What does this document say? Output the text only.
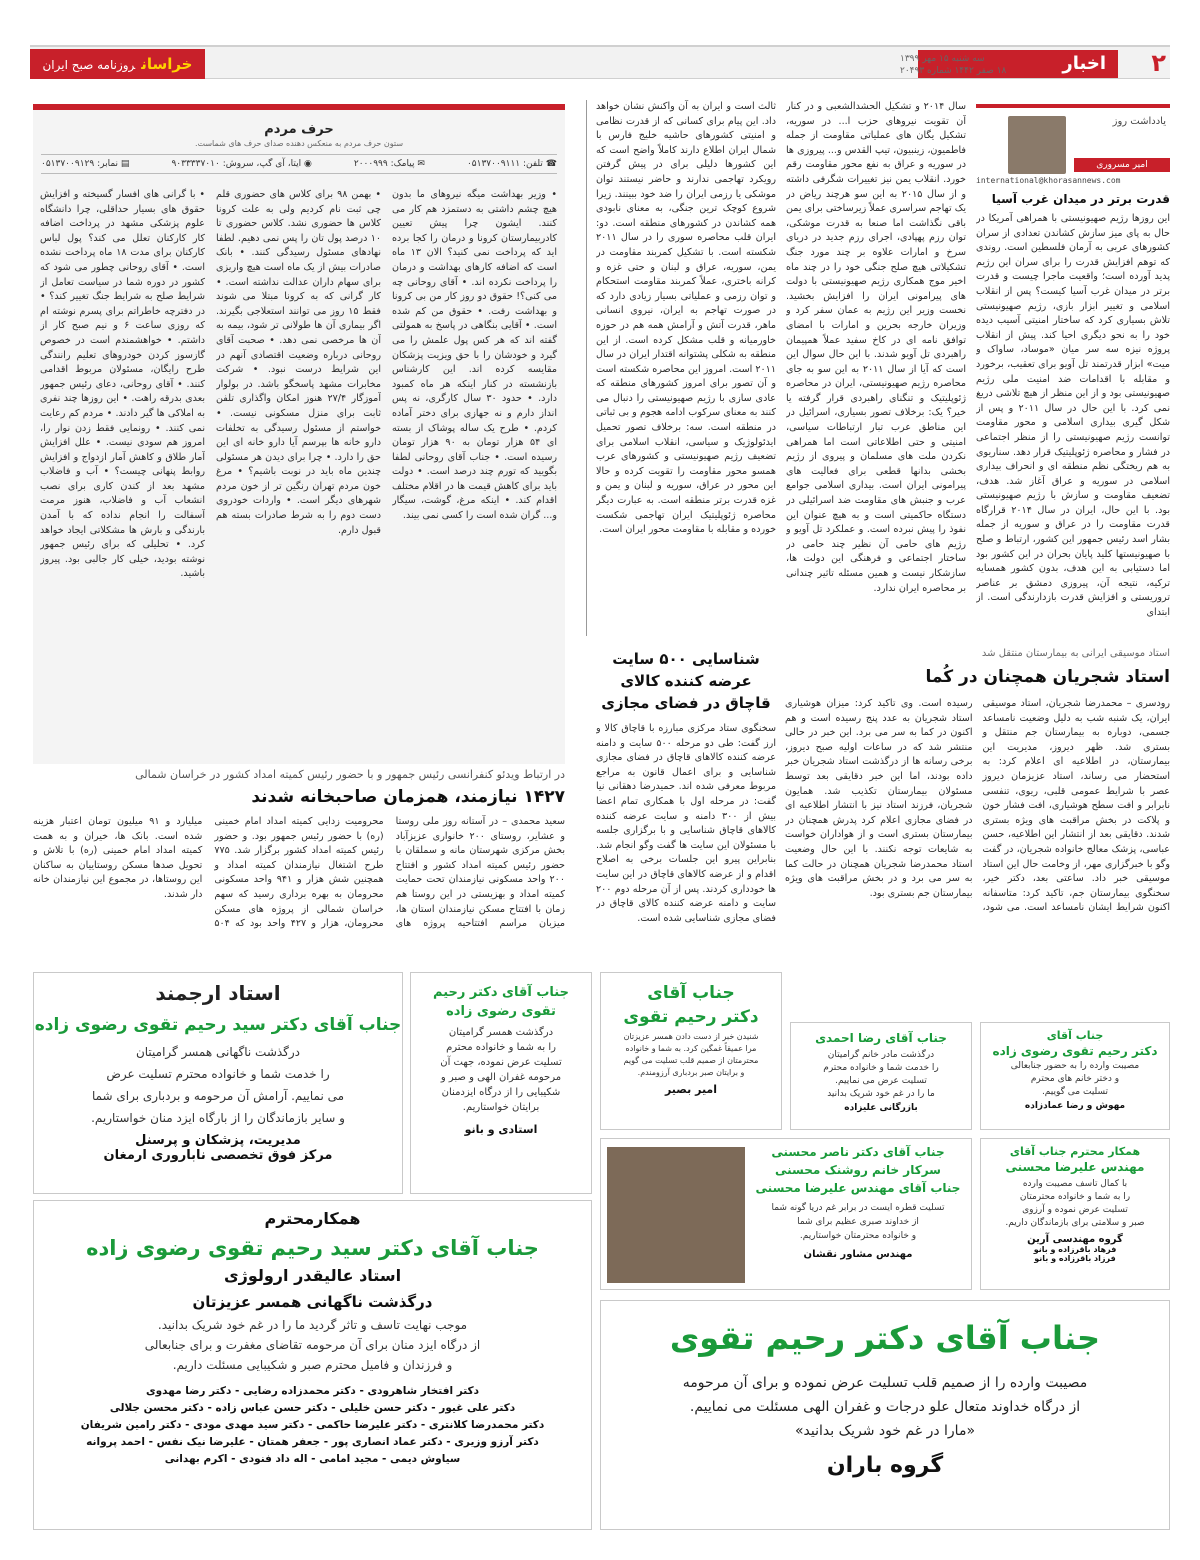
۲
اخبار
سه شنبه ۱۵ مهر ۱۳۹۹
۱۸ صفر ۱۴۴۲ شماره ۲۰۴۹۳
خراسانروزنامه صبح ایران
یادداشت روز
امیر مسروری
international@khorasannews.com
قدرت برتر در میدان غرب آسیا
این روزها رژیم صهیونیستی با همراهی آمریکا در حال به پای میز سازش کشاندن تعدادی از سران کشورهای عربی به آرمان فلسطین است. روندی که توهم افزایش قدرت را برای سران این رژیم پدید آورده است؛ واقعیت ماجرا چیست و قدرت برتر در میدان غرب آسیا کیست؟ پس از انقلاب اسلامی و تغییر ابزار بازی، رژیم صهیونیستی تلاش بسیاری کرد که ساختار امنیتی آسیب دیده خود را به نحو دیگری احیا کند. پیش از انقلاب پروژه نیزه سه سر میان «موساد، ساواک و میت» ابزار قدرتمند تل آویو برای تعقیب، برخورد و مقابله با اقدامات ضد امنیت ملی رژیم صهیونیستی بود و از این منظر از هیچ تلاشی دریغ نمی کرد. با این حال در سال ۲۰۱۱ و پس از شکل گیری بیداری اسلامی و محور مقاومت توانست رژیم صهیونیستی را از منظر اجتماعی در فشار و محاصره ژئوپلیتیک قرار دهد. سناریوی به هم ریختگی نظم منطقه ای و انحراف بیداری اسلامی در سوریه و عراق آغاز شد. هدف، تضعیف مقاومت و سازش با رژیم صهیونیستی بود. با این حال، ایران در سال ۲۰۱۴ قرارگاه قدرت مقاومت را در عراق و سوریه از جمله بشار اسد رئیس جمهور این کشور، ارتباط و صلح با صهیونیستها کلید پایان بحران در این کشور بود اما دستیابی به این هدف، بدون کشور همسایه ترکیه، نتیجه آن، پیروزی دمشق بر عناصر تروریستی و افزایش قدرت بازدارندگی است. از ابتدای
سال ۲۰۱۴ و تشکیل الحشدالشعبی و در کنار آن تقویت نیروهای حزب ا... در سوریه، تشکیل یگان های عملیاتی مقاومت از جمله فاطمیون، زینبیون، تیپ القدس و... پیروزی ها در سوریه و عراق به نفع محور مقاومت رقم خورد. انقلاب یمن نیز تغییرات شگرفی داشته و از سال ۲۰۱۵ به این سو هرچند ریاض در یک تهاجم سراسری عملاً زیرساختی برای یمن باقی نگذاشت اما صنعا به قدرت موشکی، توان رزم پهپادی، اجرای رزم جدید در دریای سرخ و امارات علاوه بر چند مورد جنگ تشکیلاتی هیچ صلح جنگی خود را در چند ماه اخیر موج همکاری رژیم صهیونیستی با دولت های پیرامونی ایران را افزایش بخشید. نخست وزیر این رژیم به عمان سفر کرد و وزیران خارجه بحرین و امارات با امضای توافق نامه ای در کاخ سفید عملاً همپیمان راهبردی تل آویو شدند. با این حال سوال این است که آیا از سال ۲۰۱۱ به این سو به جای محاصره رژیم صهیونیستی، ایران در محاصره ژئوپلیتیک و تنگنای راهبردی قرار گرفته یا خیر؟ یک: برخلاف تصور بسیاری، اسرائیل در این مناطق عرب تبار ارتباطات سیاسی، امنیتی و حتی اطلاعاتی است اما همراهی نکردن ملت های مسلمان و پیروی از رژیم بخشی بدانها قطعی برای فعالیت های پیرامونی ایران است. بیداری اسلامی جوامع عرب و جنبش های مقاومت ضد اسرائیلی در دستگاه حاکمیتی است و به هیچ عنوان این نفوذ را پیش نبرده است. و عملکرد تل آویو و رژیم های حامی آن نظیر چند حامی در ساختار اجتماعی و فرهنگی این دولت ها، سازشکار نیست و همین مسئله تاثیر چندانی بر محاصره ایران ندارد.
ثالث است و ایران به آن واکنش نشان خواهد داد. این پیام برای کسانی که از قدرت نظامی و امنیتی کشورهای حاشیه خلیج فارس با شمال ایران اطلاع دارند کاملاً واضح است که این کشورها دلیلی برای در پیش گرفتن رویکرد تهاجمی ندارند و حاضر نیستند توان موشکی یا رزمی ایران را ضد خود ببینند. زیرا شروع کوچک ترین جنگی، به معنای نابودی همه کشاندن در کشورهای منطقه است. دو: ایران قلب محاصره سوری را در سال ۲۰۱۱ شکسته است. با تشکیل کمربند مقاومت در یمن، سوریه، عراق و لبنان و حتی غزه و کرانه باختری، عملاً کمربند مقاومت استحکام و توان رزمی و عملیاتی بسیار زیادی دارد که در صورت تهاجم به ایران، نیروی انسانی ماهر، قدرت آتش و آرامش همه هم در حوزه خاورمیانه و قلب مشکل کرده است. از این منطقه به شکلی پشتوانه اقتدار ایران در سال ۲۰۱۱ است. امروز این محاصره شکسته است و آن تصور برای امروز کشورهای منطقه که عادی سازی با رژیم صهیونیستی را دنبال می کنند به معنای سرکوب ادامه هجوم و بی ثباتی در منطقه است. سه: برخلاف تصور تحمیل ایدئولوژیک و سیاسی، انقلاب اسلامی برای تضعیف رژیم صهیونیستی و کشورهای عرب همسو محور مقاومت را تقویت کرده و حالا این محور در عراق، سوریه و لبنان و یمن و غزه قدرت برتر منطقه است. به عبارت دیگر محاصره ژئوپلیتیک ایران تهاجمی شکست خورده و مقابله با مقاومت محور ایران است.
حرف مردم
ستون حرف مردم به منعکس دهنده صدای حرف های شماست.
☎ تلفن: ۰۵۱۳۷۰۰۹۱۱۱
✉ پیامک: ۲۰۰۰۹۹۹
◉ ایتا، آی گپ، سروش: ۹۰۳۳۳۳۷۰۱۰
▤ نمابر: ۰۵۱۳۷۰۰۹۱۲۹
• وزیر بهداشت میگه نیروهای ما بدون هیچ چشم داشتی به دستمزد هم کار می کنند. ایشون چرا پیش تعیین کادربیمارستان کرونا و درمان را کجا برده اید که پرداخت نمی کنید؟ الان ۱۳ ماه است که اضافه کارهای بهداشت و درمان را پرداخت نکرده اند. • آقای روحانی چه می کنی؟! حقوق دو روز کار من بی کرونا و بهداشت رفت. • حقوق من کم شده است. • آقایی بنگاهی در پاسخ به همولتی گفته اند که هر کس پول علمش را می گیرد و خودشان را با حق ویزیت پزشکان مقایسه کرده اند. این کارشناس بازنشسته در کنار اینکه هر ماه کمبود دارد. • حدود ۳۰ سال کارگری، نه پس انداز دارم و نه جهازی برای دختر آماده کردم. • طرح یک ساله پوشاک از بسته ای ۵۴ هزار تومان به ۹۰ هزار تومان رسیده است. • جناب آقای روحانی لطفا بگویید که تورم چند درصد است. • دولت باید برای کاهش قیمت ها در اقلام مختلف اقدام کند. • اینکه مرغ، گوشت، سیگار و... گران شده است را کسی نمی بیند.
• بهمن ۹۸ برای کلاس های حضوری قلم چی ثبت نام کردیم ولی به علت کرونا کلاس ها حضوری نشد. کلاس حضوری تا ۱۰ درصد پول تان را پس نمی دهیم. لطفا نهادهای مسئول رسیدگی کنند. • بانک صادرات بیش از یک ماه است هیچ واریزی برای سهام داران عدالت نداشته است. • کار گرانی که به کرونا مبتلا می شوند فقط ۱۵ روز می توانند استعلاجی بگیرند. اگر بیماری آن ها طولانی تر شود، بیمه به آن ها مرخصی نمی دهد. • صحبت آقای روحانی درباره وضعیت اقتصادی آنهم در این شرایط درست نبود. • شرکت مخابرات مشهد پاسخگو باشد. در بولوار آموزگار ۲۷/۴ هنوز امکان واگذاری تلفن ثابت برای منزل مسکونی نیست. • خواستم از مسئول رسیدگی به تخلفات دارو خانه ها بپرسم آیا دارو خانه ای این حق را دارد. • چرا برای دیدن هر مسئولی چندین ماه باید در نوبت باشیم؟ • مرغ خون مردم تهران رنگین تر از خون مردم شهرهای دیگر است. • واردات خودروی دست دوم را به شرط صادرات بسته هم قبول دارم.
• با گرانی های افسار گسیخته و افزایش حقوق های بسیار حداقلی، چرا دانشگاه علوم پزشکی مشهد در پرداخت اضافه کار کارکنان تعلل می کند؟ پول لباس کارکنان برای مدت ۱۸ ماه پرداخت نشده است. • آقای روحانی چطور می شود که کشور در دوره شما در سیاست تعامل از شرایط صلح به شرایط جنگ تغییر کند؟ • در دفترچه خاطراتم برای پسرم نوشته ام که روزی ساعت ۶ و نیم صبح کار از داشتم. • خواهشمندم است در خصوص گازسوز کردن خودروهای تعلیم رانندگی طرح رایگان، مسئولان مربوط اقدامی کنند. • آقای روحانی، دعای رئیس جمهور بعدی بدرقه راهت. • این روزها چند نفری به املاکی ها گیر دادند. • مردم کم رعایت نمی کنند. • رونمایی فقط زدن نوار را، امروز هم سودی نیست. • علل افزایش آمار طلاق و کاهش آمار ازدواج و افزایش روابط پنهانی چیست؟ • آب و فاضلاب مشهد بعد از کندن کاری برای نصب انشعاب آب و فاضلاب، هنوز مرمت آسفالت را انجام نداده که با آمدن بارندگی و بارش ها مشکلاتی ایجاد خواهد کرد. • تحلیلی که برای رئیس جمهور نوشته بودید، خیلی کار جالبی بود. پیروز باشید.
استاد موسیقی ایرانی به بیمارستان منتقل شد
استاد شجریان همچنان در کُما
رودسری – محمدرضا شجریان، استاد موسیقی ایران، یک شنبه شب به دلیل وضعیت نامساعد جسمی، دوباره به بیمارستان جم منتقل و بستری شد. ظهر دیروز، مدیریت این بیمارستان، در اطلاعیه ای اعلام کرد: به استحضار می رساند، استاد عزیزمان دیروز عصر با شرایط عمومی قلبی، ریوی، تنفسی نابرابر و افت سطح هوشیاری، افت فشار خون و پلاکت در بخش مراقبت های ویژه بستری شدند. دقایقی بعد از انتشار این اطلاعیه، حسن عباسی، پزشک معالج خانواده شجریان، در گفت وگو با خبرگزاری مهر، از وخامت حال این استاد موسیقی خبر داد. ساعتی بعد، دکتر خیر، سخنگوی بیمارستان جم، تاکید کرد: متاسفانه اکنون شرایط ایشان نامساعد است. می شود، رسیده است. وی تاکید کرد: میزان هوشیاری استاد شجریان به عدد پنج رسیده است و هم اکنون در کما به سر می برد. این خبر در حالی منتشر شد که در ساعات اولیه صبح دیروز، برخی رسانه ها از درگذشت استاد شجریان خبر داده بودند، اما این خبر دقایقی بعد توسط مسئولان بیمارستان تکذیب شد. همایون شجریان، فرزند استاد نیز با انتشار اطلاعیه ای در فضای مجازی اعلام کرد پدرش همچنان در بیمارستان بستری است و از هواداران خواست به شایعات توجه نکنند. با این حال وضعیت استاد محمدرضا شجریان همچنان در حالت کما به سر می برد و در بخش مراقبت های ویژه بیمارستان جم بستری بود.
شناسایی ۵۰۰ سایت عرضه کننده کالای قاچاق در فضای مجازی
سخنگوی ستاد مرکزی مبارزه با قاچاق کالا و ارز گفت: طی دو مرحله ۵۰۰ سایت و دامنه عرضه کننده کالاهای قاچاق در فضای مجازی شناسایی و برای اعمال قانون به مراجع مربوط معرفی شده اند. حمیدرضا دهقانی نیا گفت: در مرحله اول با همکاری تمام اعضا بیش از ۳۰۰ دامنه و سایت عرضه کننده کالاهای قاچاق شناسایی و با برگزاری جلسه با مسئولان این سایت ها گفت وگو انجام شد. بنابراین پیرو این جلسات برخی به اصلاح اقدام و از عرضه کالاهای قاچاق در این سایت ها خودداری کردند. پس از آن مرحله دوم ۲۰۰ سایت و دامنه عرضه کننده کالای قاچاق در فضای مجازی شناسایی شده است.
در ارتباط ویدئو کنفرانسی رئیس جمهور و با حضور رئیس کمیته امداد کشور در خراسان شمالی
۱۴۲۷ نیازمند، همزمان صاحبخانه شدند
سعید محمدی – در آستانه روز ملی روستا و عشایر، روستای ۲۰۰ خانواری عزیزآباد بخش مرکزی شهرستان مانه و سملقان با حضور رئیس کمیته امداد کشور و افتتاح ۲۰۰ واحد مسکونی نیازمندان تحت حمایت کمیته امداد و بهزیستی در این روستا هم زمان با افتتاح مسکن نیازمندان استان ها، میزبان مراسم افتتاحیه پروژه های محرومیت زدایی کمیته امداد امام خمینی (ره) با حضور رئیس جمهور بود. و حضور رئیس کمیته امداد کشور برگزار شد. ۷۷۵ طرح اشتغال نیازمندان کمیته امداد و همچنین شش هزار و ۹۴۱ واحد مسکونی محرومان به بهره برداری رسید که سهم خراسان شمالی از پروژه های مسکن محرومان، هزار و ۴۲۷ واحد بود که ۵۰۴ میلیارد و ۹۱ میلیون تومان اعتبار هزینه شده است. بانک ها، خیران و به همت کمیته امداد امام خمینی (ره) با تلاش و تحویل صدها مسکن روستاییان به ساکنان این روستاها، در مجموع این نیازمندان خانه دار شدند.
استاد ارجمند
جناب آقای دکتر سید رحیم تقوی رضوی زاده
درگذشت ناگهانی همسر گرامیتان
را خدمت شما و خانواده محترم تسلیت عرض
می نماییم. آرامش آن مرحومه و بردباری برای شما
و سایر بازماندگان را از بارگاه ایزد منان خواستاریم.
مدیریت، پزشکان و پرسنل
مرکز فوق تخصصی ناباروری ارمغان
جناب آقای دکتر رحیم
تقوی رضوی زاده
درگذشت همسر گرامیتان
را به شما و خانواده محترم
تسلیت عرض نموده، جهت آن
مرحومه غفران الهی و صبر و
شکیبایی را از درگاه ایزدمنان
برایتان خواستاریم.
استادی و بانو
جناب آقای
دکتر رحیم تقوی
شنیدن خبر از دست دادن همسر عزیزتان
مرا عمیقاً غمگین کرد. به شما و خانواده
محترمتان از صمیم قلب تسلیت می گویم
و برایتان صبر بردباری آرزومندم.
امیر بصیر
جناب آقای رضا احمدی
درگذشت مادر خانم گرامیتان
را خدمت شما و خانواده محترم
تسلیت عرض می نماییم.
ما را در غم خود شریک بدانید
بازرگانی علیزاده
جناب آقای
دکتر رحیم تقوی رضوی زاده
مصیبت وارده را به حضور جنابعالی
و دختر خانم های محترم
تسلیت می گوییم.
مهوش و رضا عمادزاده
جناب آقای دکتر ناصر محسنی
سرکار خانم روشنک محسنی
جناب آقای مهندس علیرضا محسنی
تسلیت قطره ایست در برابر غم دریا گونه شما
از خداوند صبری عظیم برای شما
و خانواده محترمتان خواستاریم.
مهندس مشاور نقشان
همکار محترم جناب آقای
مهندس علیرضا محسنی
با کمال تاسف مصیبت وارده
را به شما و خانواده محترمتان
تسلیت عرض نموده و آرزوی
صبر و سلامتی برای بازماندگان داریم.
گروه مهندسی آرین
فرهاد باقرزاده و بانو
فرزاد باقرزاده و بانو
همکارمحترم
جناب آقای دکتر سید رحیم تقوی رضوی زاده
استاد عالیقدر ارولوژی
درگذشت ناگهانی همسر عزیزتان
موجب نهایت تاسف و تاثر گردید ما را در غم خود شریک بدانید.
از درگاه ایزد منان برای آن مرحومه تقاضای مغفرت و برای جنابعالی
و فرزندان و فامیل محترم صبر و شکیبایی مسئلت داریم.
دکتر افتخار شاهرودی - دکتر محمدزاده رضایی - دکتر رضا مهدوی
دکتر علی غیور - دکتر حسن خلیلی - دکتر حسن عباس زاده - دکتر محسن جلالی
دکتر محمدرضا کلانتری - دکتر علیرضا حاکمی - دکتر سید مهدی مودی - دکتر رامین شریفان
دکتر آرزو وزیری - دکتر عماد انصاری پور - جعفر همتان - علیرضا نیک نفس - احمد پروانه
سیاوش دیمی - مجید امامی - اله داد فنودی - اکرم بهدانی
جناب آقای دکتر رحیم تقوی
مصیبت وارده را از صمیم قلب تسلیت عرض نموده و برای آن مرحومه
از درگاه خداوند متعال علو درجات و غفران الهی مسئلت می نماییم.
«مارا در غم خود شریک بدانید»
گروه باران
